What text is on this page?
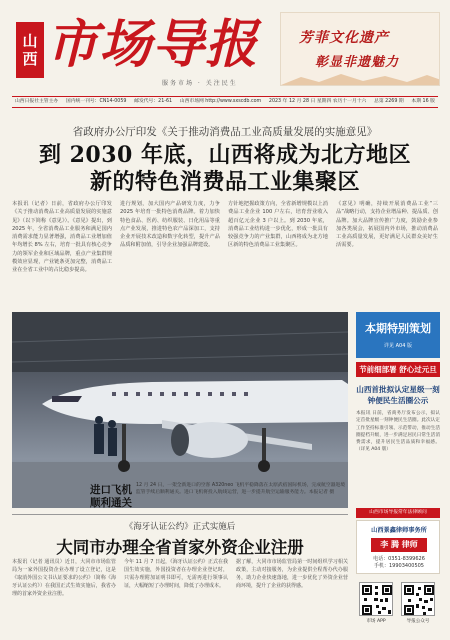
山西 市场导报
服务市场 · 关注民生
芳菲文化遗产
彰显非遗魅力
山西日报社主管主办 国内统一刊号：CN14-0059 邮发代号：21-61 山西市场网 http://www.sxscdb.com 2023 年 12 月 28 日 星期四 农历十一月十六 总第 2269 期 本期 16 版
省政府办公厅印发《关于推动消费品工业高质量发展的实施意见》
到 2030 年底，山西将成为北方地区
新的特色消费品工业集聚区
本报讯（记者）日前，省政府办公厅印发《关于推动消费品工业高质量发展的实施意见》（以下简称《意见》）。《意见》提出，到 2025 年，全省消费品工业服务和满足国内消费需求能力显著增强，消费品工业增加值年均增长 8% 左右，培育一批具有核心竞争力的领军企业和区域品牌，重点产业集群规模效应显现，产业链条更加完整，消费品工业在全省工业中的占比稳步提高。
进行规划，加大国内产品研发力度，力争 2025 年培育一批特色消费品牌。着力加快特色食品、医药、纺织服装、日化用品等重点产业发展，推进特色农产品深加工，支持企业开展技术改造和数字化转型，提升产品品质和附加值，引导企业加强品牌建设。
方针地把握政策方向，全省新增规模以上消费品工业企业 100 户左右，培育营业收入超百亿元企业 3 户以上。到 2030 年底，消费品工业结构进一步优化，形成一批具有较强竞争力的产业集群，山西将成为北方地区新的特色消费品工业集聚区。
《意见》明确，持续开展消费品工业“三品”战略行动，支持企业增品种、提品质、创品牌。加大品牌宣传推广力度，鼓励企业参加各类展会，拓展国内外市场，推动消费品工业高质量发展，更好满足人民群众美好生活需要。
进口飞机
顺利通关
12 月 24 日，一架全新进口的空客 A320neo 飞机平稳降落在太原武宿国际机场，完成航空器进境监管手续后顺利通关。进口飞机将投入航线运营，进一步提升航空运输服务能力。本报记者 摄
本期特别策划
详见 A04 版
节前细部署 舒心过元旦
山西首批拟认定星级一刻钟便民生活圈公示
本报讯 日前，省商务厅发布公示，拟认定首批星级一刻钟便民生活圈。此次认定工作坚持标准引领、示范带动，推动生活圈提档升级，进一步满足居民日常生活消费需求，提升居民生活品质和幸福感。（详见 A04 版）
山西市场导报常年法律顾问
山西景鑫律师事务所
李 腾 律师
电话：0351-8399626
手机：19903400505
《海牙认证公约》正式实施后
大同市办理全省首家外资企业注册
本报讯（记者 通讯员）近日，大同市市场监管局为一家外国投资企业办理了设立登记，这是《取消外国公文书认证要求的公约》（简称《海牙认证公约》）在我国正式生效实施后，我省办理的首家外资企业注册。
今年 11 月 7 日起，《海牙认证公约》正式在我国生效实施，外国投资者在办理企业登记时，只需办理附加证明书即可，无需再进行领事认证，大幅缩短了办理时间，降低了办理成本。
据了解，大同市市场监管局第一时间组织学习相关政策，主动对接服务，为企业提供全程帮办代办服务，助力企业快速落地，进一步优化了外资企业营商环境，提升了企业的获得感。
市场 APP	导报公众号
